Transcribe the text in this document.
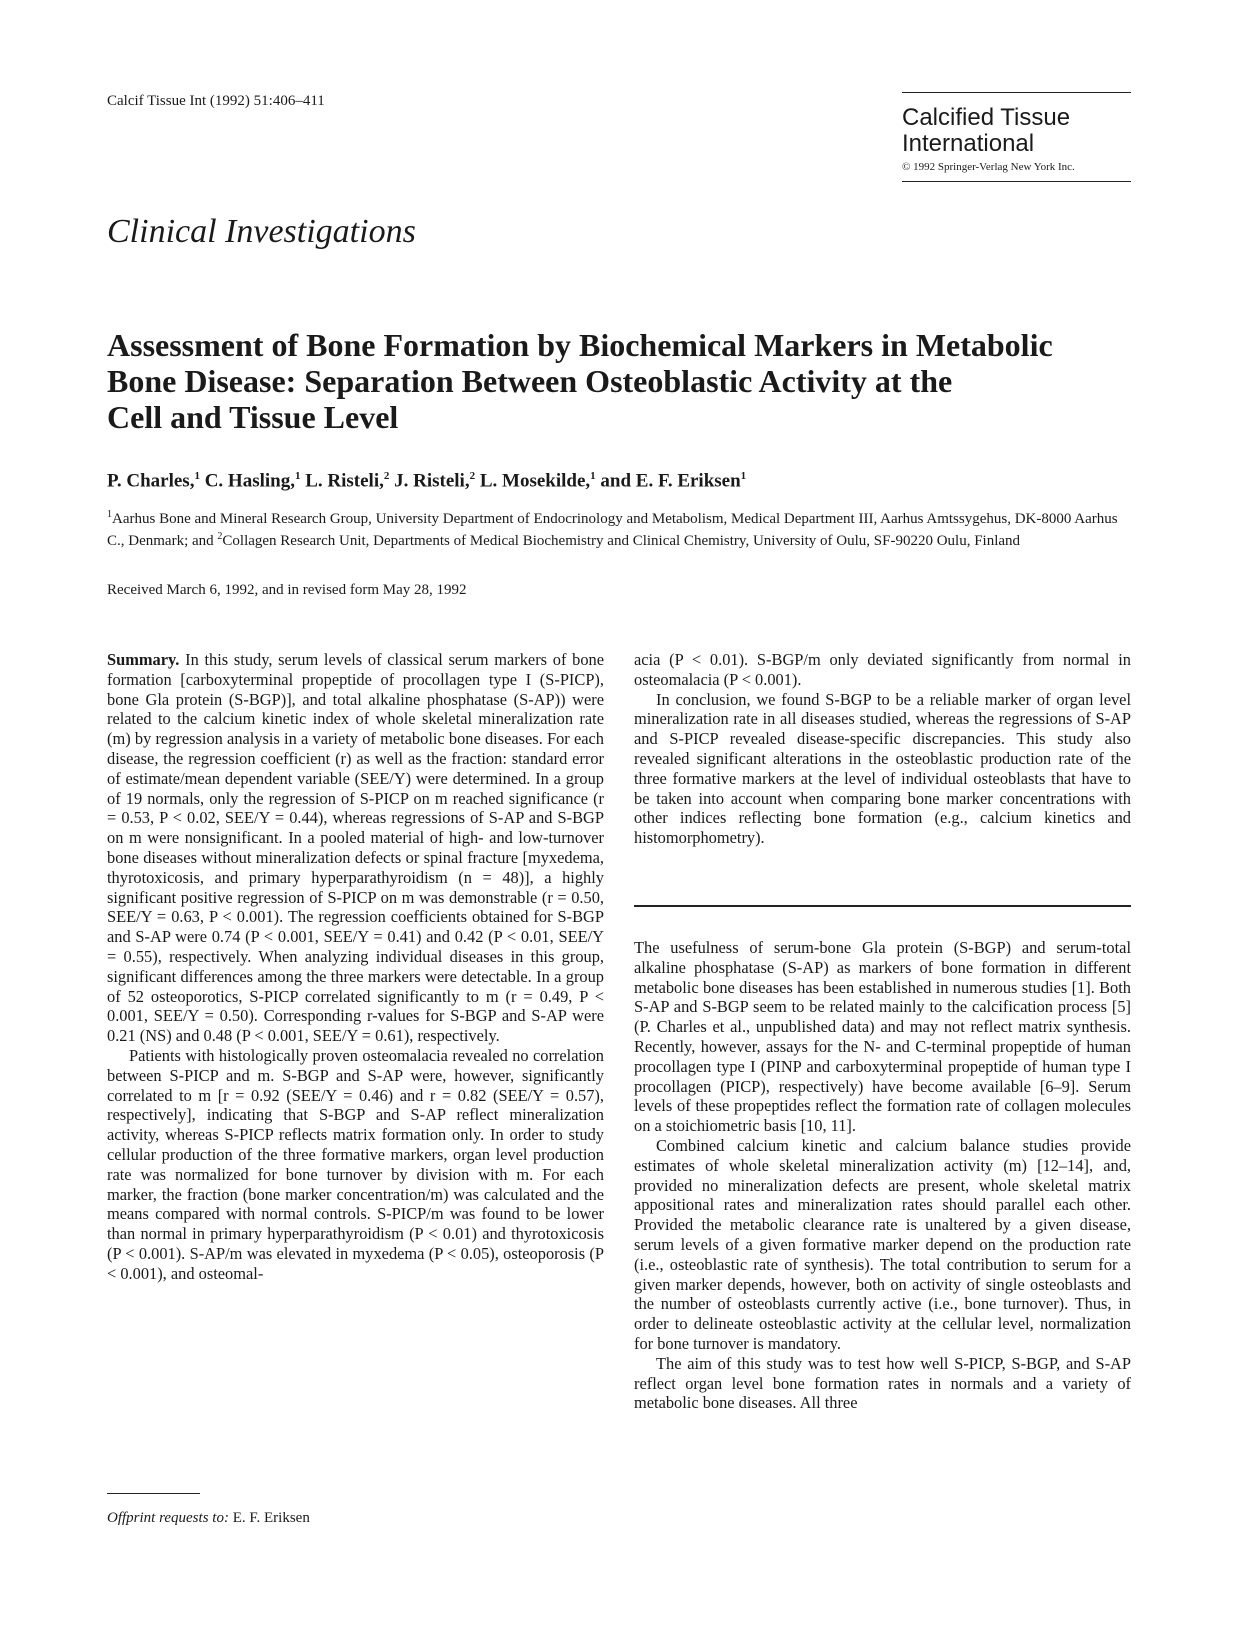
Calcif Tissue Int (1992) 51:406–411
Calcified Tissue
International
© 1992 Springer-Verlag New York Inc.
Clinical Investigations
Assessment of Bone Formation by Biochemical Markers in Metabolic
Bone Disease: Separation Between Osteoblastic Activity at the
Cell and Tissue Level
P. Charles,$^1$ C. Hasling,$^1$ L. Risteli,$^2$ J. Risteli,$^2$ L. Mosekilde,$^1$ and E. F. Eriksen$^1$
$^1$Aarhus Bone and Mineral Research Group, University Department of Endocrinology and Metabolism, Medical Department III, Aarhus Amtssygehus, DK-8000 Aarhus C., Denmark; and $^2$Collagen Research Unit, Departments of Medical Biochemistry and Clinical Chemistry, University of Oulu, SF-90220 Oulu, Finland
Received March 6, 1992, and in revised form May 28, 1992

Summary. In this study, serum levels of classical serum markers of bone formation [carboxyterminal propeptide of procollagen type I (S-PICP), bone Gla protein (S-BGP)], and total alkaline phosphatase (S-AP)) were related to the calcium kinetic index of whole skeletal mineralization rate (m) by regression analysis in a variety of metabolic bone diseases. For each disease, the regression coefficient (r) as well as the fraction: standard error of estimate/mean dependent variable (SEE/Y) were determined. In a group of 19 normals, only the regression of S-PICP on m reached significance (r = 0.53, P < 0.02, SEE/Y = 0.44), whereas regressions of S-AP and S-BGP on m were nonsignificant. In a pooled material of high- and low-turnover bone diseases without mineralization defects or spinal fracture [myxedema, thyrotoxicosis, and primary hyperparathyroidism (n = 48)], a highly significant positive regression of S-PICP on m was demonstrable (r = 0.50, SEE/Y = 0.63, P < 0.001). The regression coefficients obtained for S-BGP and S-AP were 0.74 (P < 0.001, SEE/Y = 0.41) and 0.42 (P < 0.01, SEE/Y = 0.55), respectively. When analyzing individual diseases in this group, significant differences among the three markers were detectable. In a group of 52 osteoporotics, S-PICP correlated significantly to m (r = 0.49, P < 0.001, SEE/Y = 0.50). Corresponding r-values for S-BGP and S-AP were 0.21 (NS) and 0.48 (P < 0.001, SEE/Y = 0.61), respectively.

Patients with histologically proven osteomalacia revealed no correlation between S-PICP and m. S-BGP and S-AP were, however, significantly correlated to m [r = 0.92 (SEE/Y = 0.46) and r = 0.82 (SEE/Y = 0.57), respectively], indicating that S-BGP and S-AP reflect mineralization activity, whereas S-PICP reflects matrix formation only. In order to study cellular production of the three formative markers, organ level production rate was normalized for bone turnover by division with m. For each marker, the fraction (bone marker concentration/m) was calculated and the means compared with normal controls. S-PICP/m was found to be lower than normal in primary hyperparathyroidism (P < 0.01) and thyrotoxicosis (P < 0.001). S-AP/m was elevated in myxedema (P < 0.05), osteoporosis (P < 0.001), and osteomal-

acia (P < 0.01). S-BGP/m only deviated significantly from normal in osteomalacia (P < 0.001).

In conclusion, we found S-BGP to be a reliable marker of organ level mineralization rate in all diseases studied, whereas the regressions of S-AP and S-PICP revealed disease-specific discrepancies. This study also revealed significant alterations in the osteoblastic production rate of the three formative markers at the level of individual osteoblasts that have to be taken into account when comparing bone marker concentrations with other indices reflecting bone formation (e.g., calcium kinetics and histomorphometry).

The usefulness of serum-bone Gla protein (S-BGP) and serum-total alkaline phosphatase (S-AP) as markers of bone formation in different metabolic bone diseases has been established in numerous studies [1]. Both S-AP and S-BGP seem to be related mainly to the calcification process [5] (P. Charles et al., unpublished data) and may not reflect matrix synthesis. Recently, however, assays for the N- and C-terminal propeptide of human procollagen type I (PINP and carboxyterminal propeptide of human type I procollagen (PICP), respectively) have become available [6–9]. Serum levels of these propeptides reflect the formation rate of collagen molecules on a stoichiometric basis [10, 11].

Combined calcium kinetic and calcium balance studies provide estimates of whole skeletal mineralization activity (m) [12–14], and, provided no mineralization defects are present, whole skeletal matrix appositional rates and mineralization rates should parallel each other. Provided the metabolic clearance rate is unaltered by a given disease, serum levels of a given formative marker depend on the production rate (i.e., osteoblastic rate of synthesis). The total contribution to serum for a given marker depends, however, both on activity of single osteoblasts and the number of osteoblasts currently active (i.e., bone turnover). Thus, in order to delineate osteoblastic activity at the cellular level, normalization for bone turnover is mandatory.

The aim of this study was to test how well S-PICP, S-BGP, and S-AP reflect organ level bone formation rates in normals and a variety of metabolic bone diseases. All three

Offprint requests to: E. F. Eriksen
